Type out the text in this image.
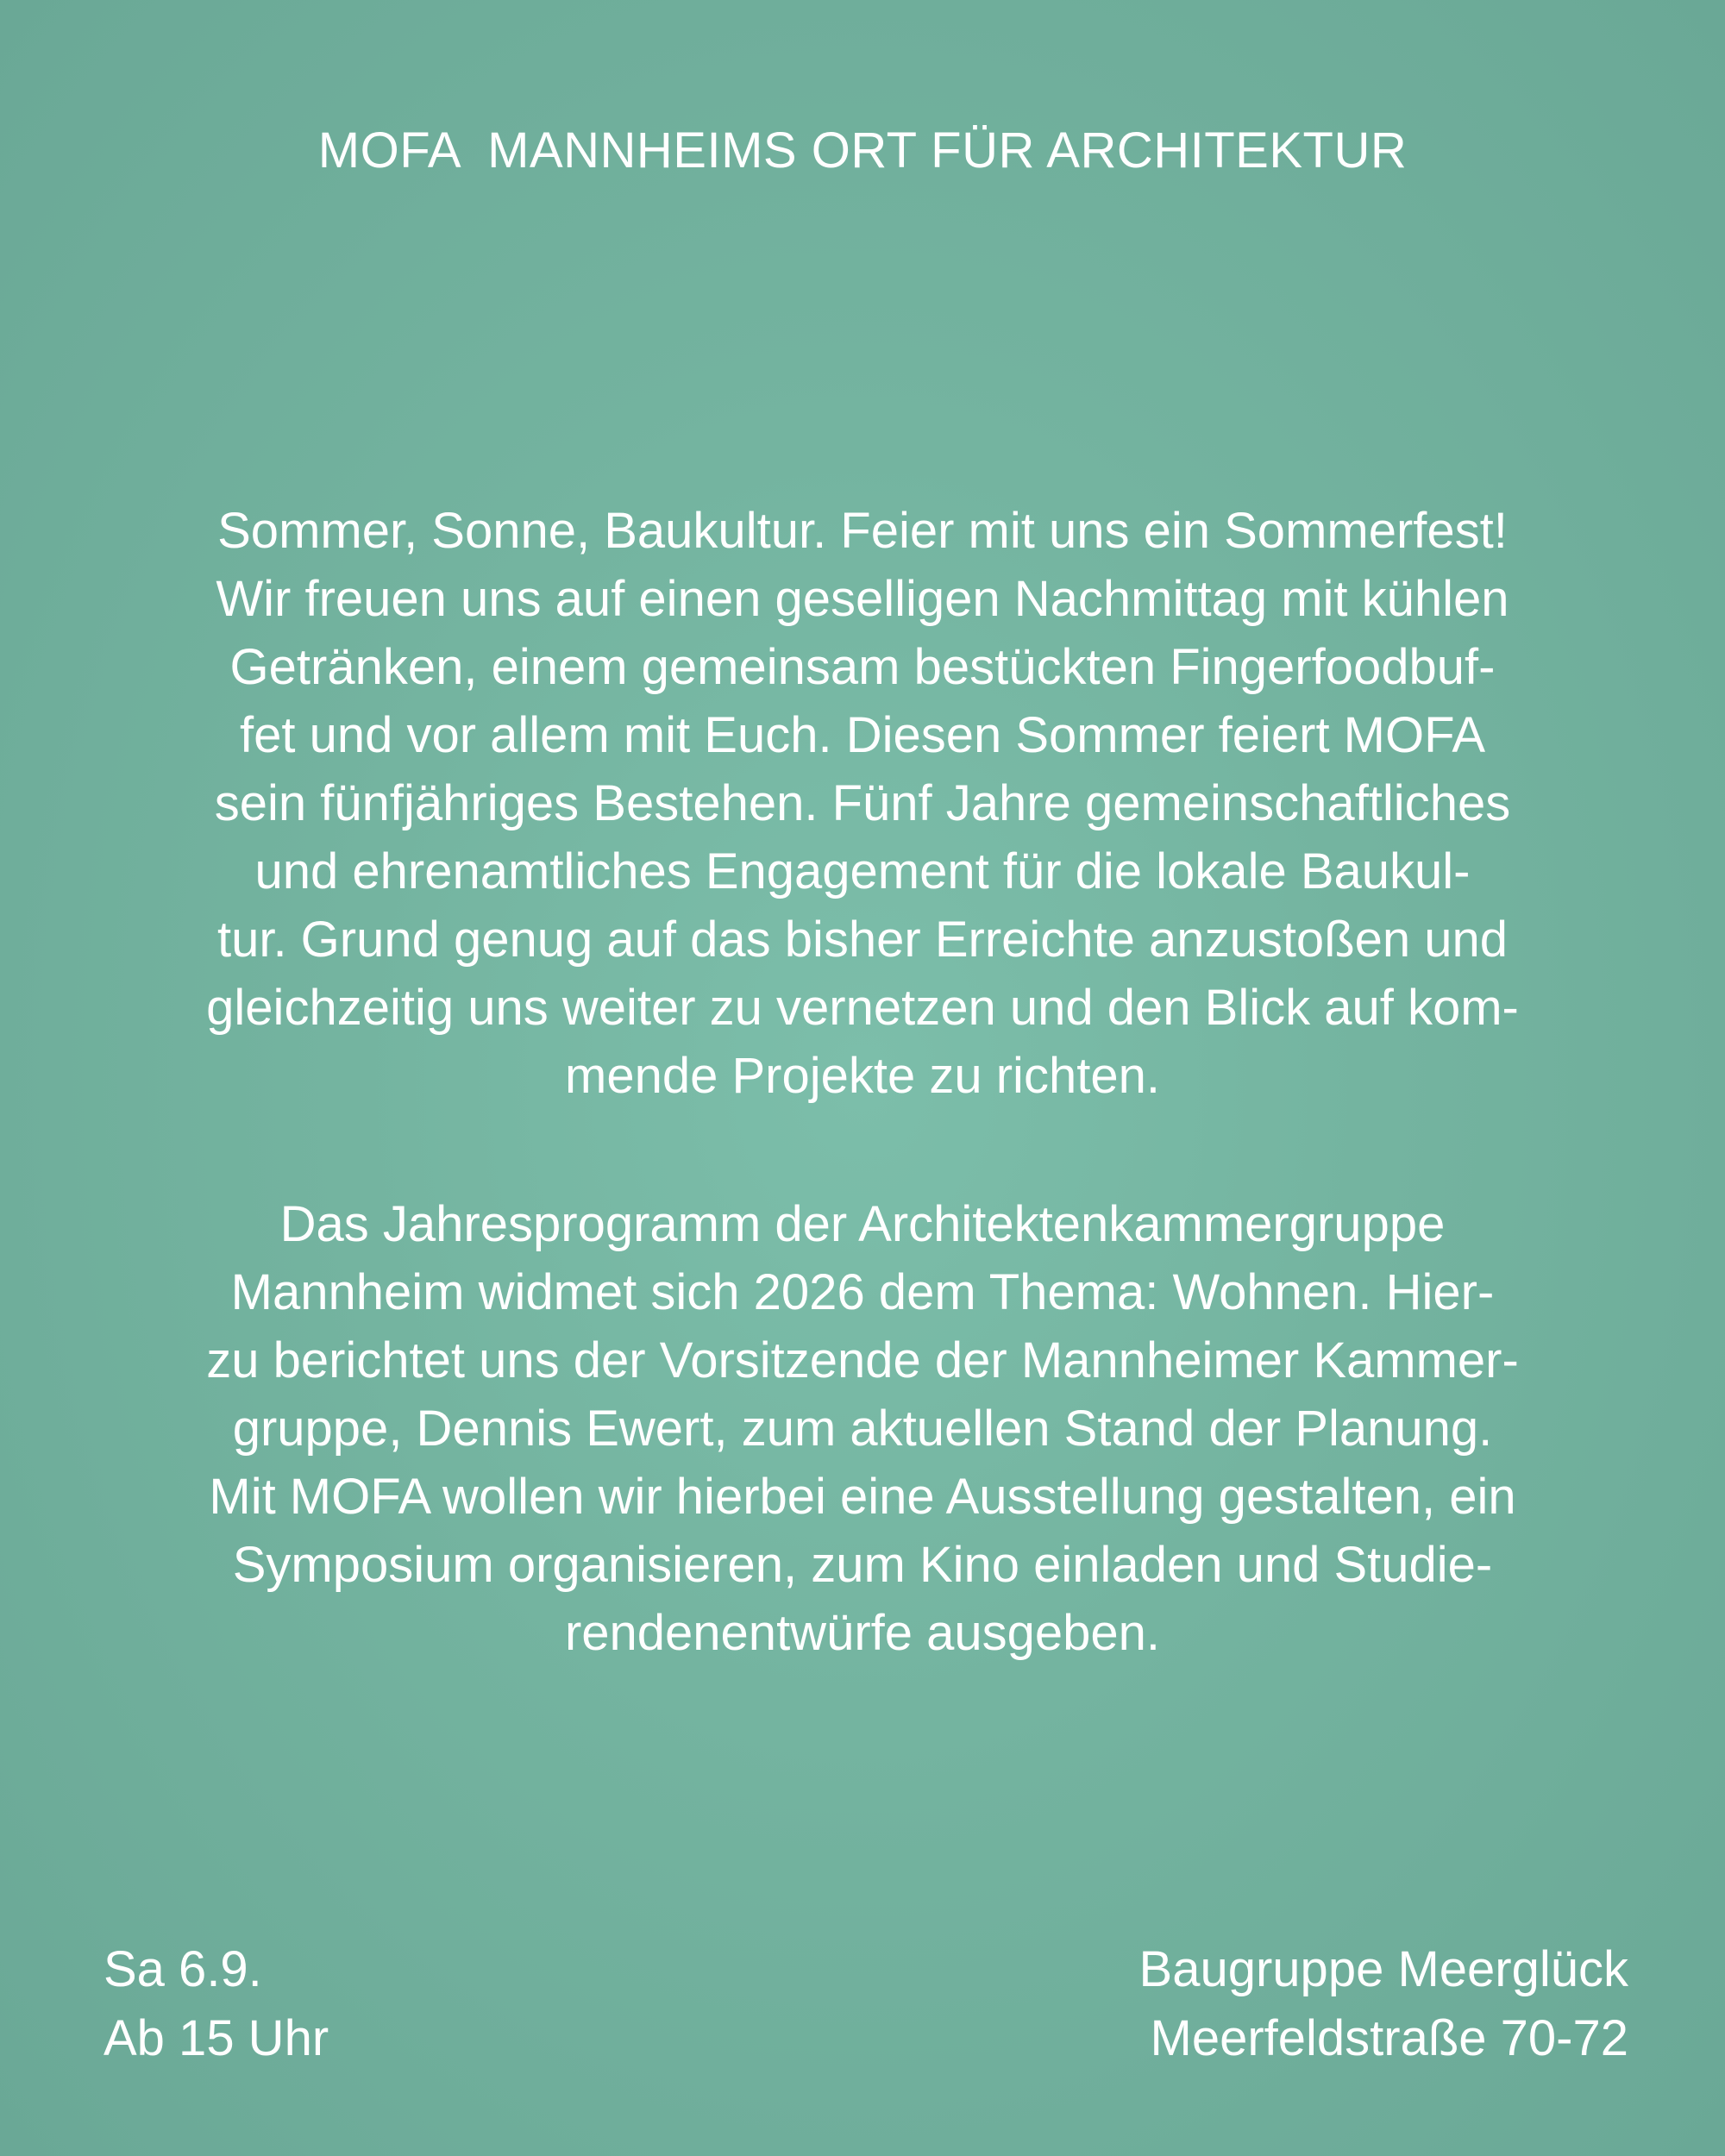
MOFA  MANNHEIMS ORT FÜR ARCHITEKTUR
Sommer, Sonne, Baukultur. Feier mit uns ein Sommerfest!
Wir freuen uns auf einen geselligen Nachmittag mit kühlen
Getränken, einem gemeinsam bestückten Fingerfoodbuf-
fet und vor allem mit Euch. Diesen Sommer feiert MOFA
sein fünfjähriges Bestehen. Fünf Jahre gemeinschaftliches
und ehrenamtliches Engagement für die lokale Baukul-
tur. Grund genug auf das bisher Erreichte anzustoßen und
gleichzeitig uns weiter zu vernetzen und den Blick auf kom-
mende Projekte zu richten.
Das Jahresprogramm der Architektenkammergruppe
Mannheim widmet sich 2026 dem Thema: Wohnen. Hier-
zu berichtet uns der Vorsitzende der Mannheimer Kammer-
gruppe, Dennis Ewert, zum aktuellen Stand der Planung.
Mit MOFA wollen wir hierbei eine Ausstellung gestalten, ein
Symposium organisieren, zum Kino einladen und Studie-
rendenentwürfe ausgeben.
Sa 6.9.
Ab 15 Uhr
Baugruppe Meerglück
Meerfeldstraße 70-72
